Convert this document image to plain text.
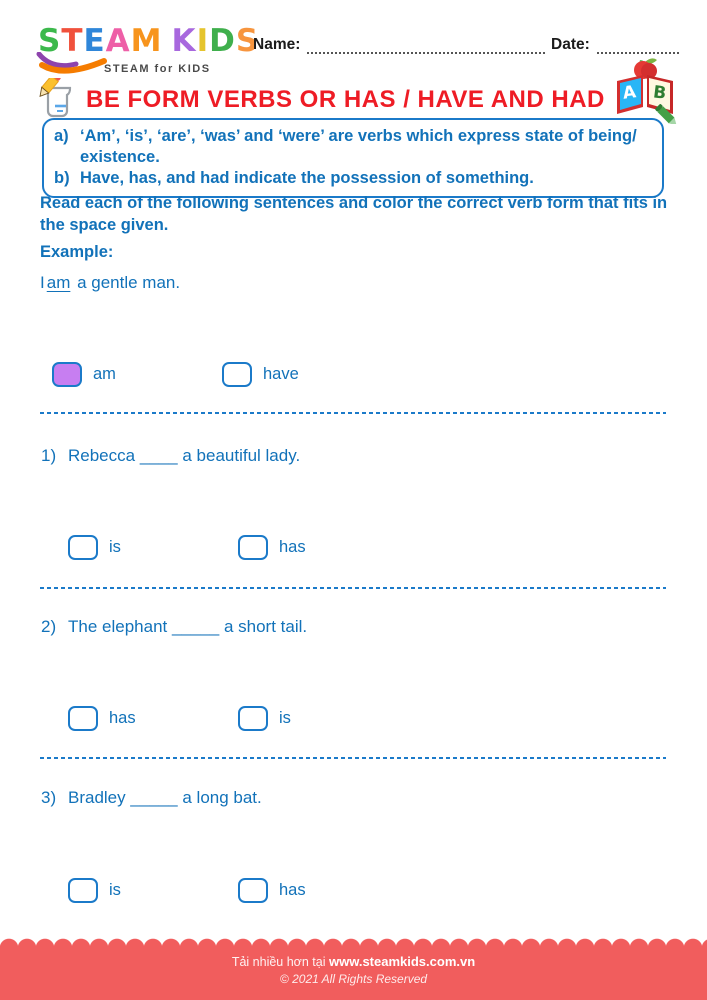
STEAM KIDS
STEAM for KIDS
Name:	Date:
BE FORM VERBS OR HAS / HAVE AND HAD A B
a) ‘Am’, ‘is’, ‘are’, ‘was’ and ‘were’ are verbs which express state of being/ existence.
b) Have, has, and had indicate the possession of something.
Read each of the following sentences and color the correct verb form that fits in the space given.
Example:
I am a gentle man.
am	have
1) Rebecca ____ a beautiful lady.
is	has
2) The elephant _____ a short tail.
has	is
3) Bradley _____ a long bat.
is	has
Tải nhiều hơn tại www.steamkids.com.vn
© 2021 All Rights Reserved
